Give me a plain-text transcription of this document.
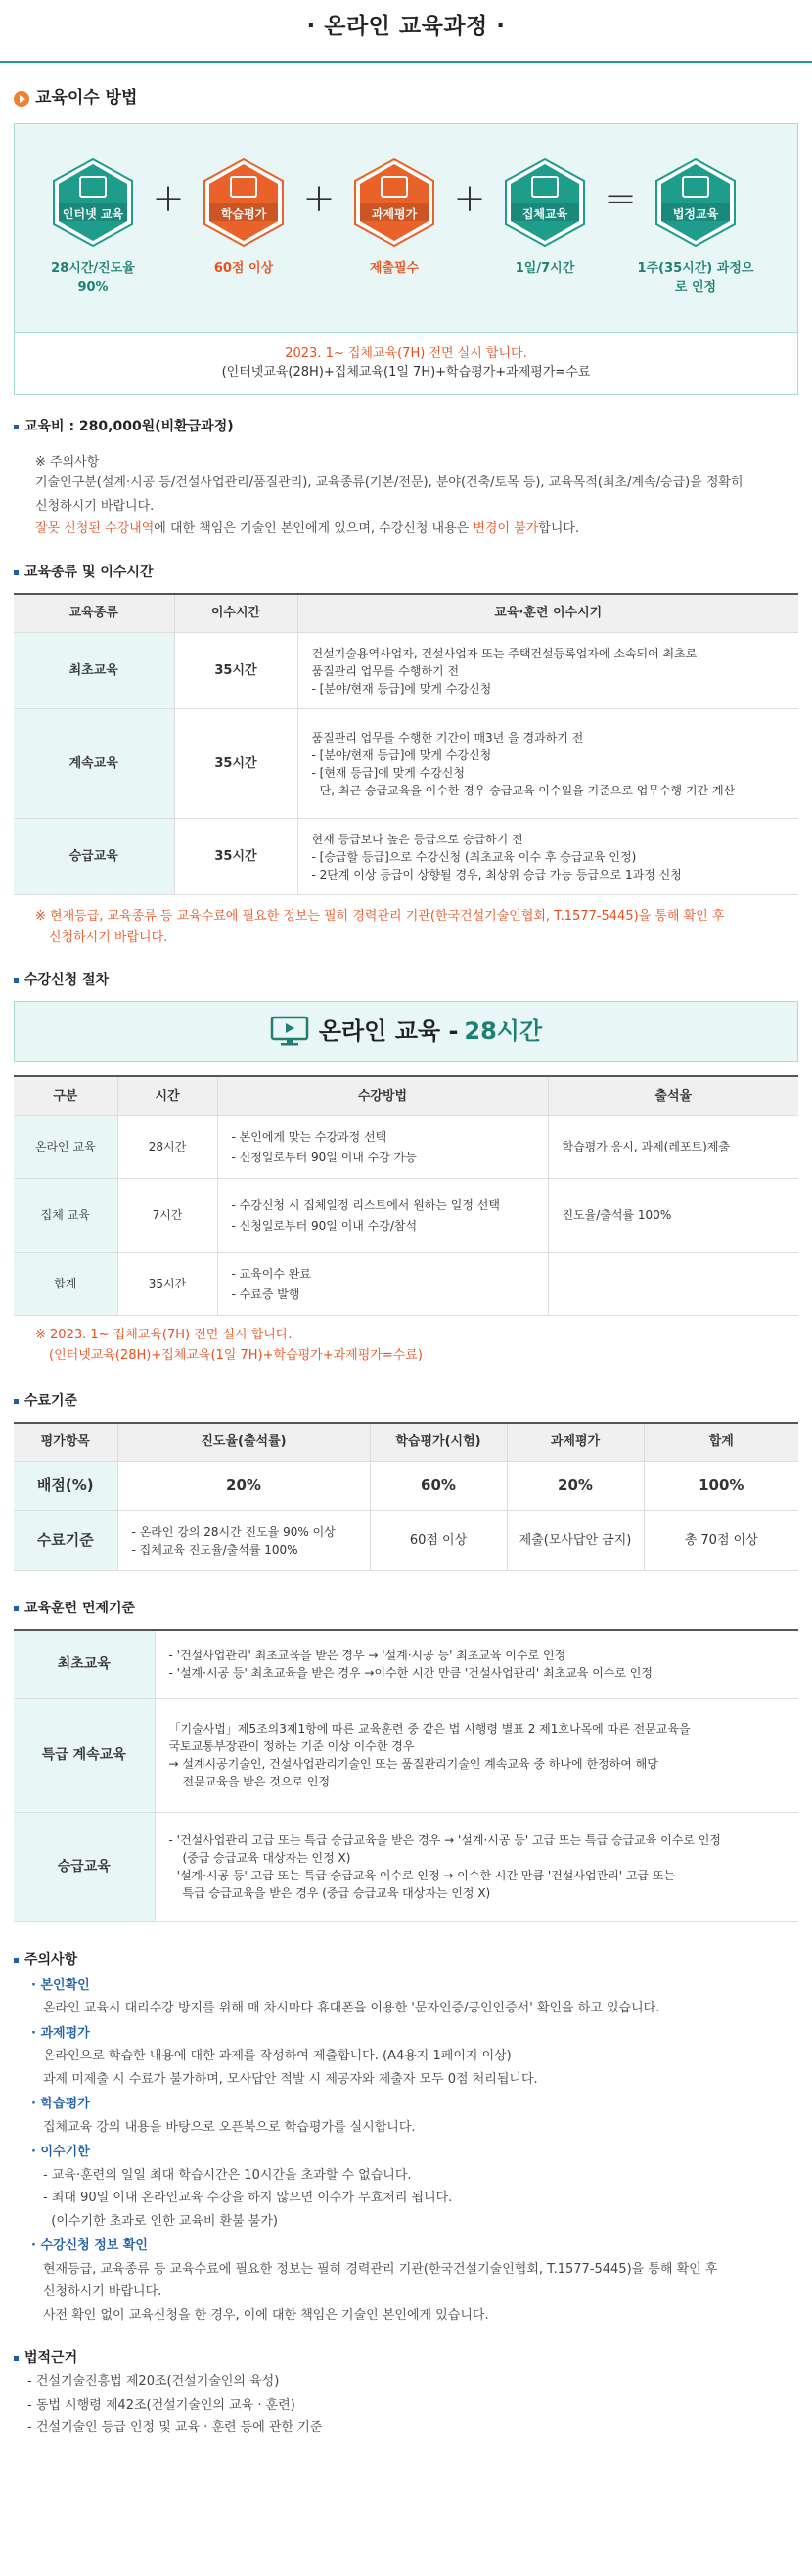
· 온라인 교육과정 ·
교육이수 방법
인터넷 교육
28시간/진도율 90%
+	학습평가
60점 이상
+	과제평가
제출필수
+	집체교육
1일/7시간
=	법정교육
1주(35시간) 과정으로 인정
2023. 1~ 집체교육(7H) 전면 실시 합니다.
(인터넷교육(28H)+집체교육(1일 7H)+학습평가+과제평가=수료
교육비 : 280,000원(비환급과정)
※ 주의사항
기술인구분(설계·시공 등/건설사업관리/품질관리), 교육종류(기본/전문), 분야(건축/토목 등), 교육목적(최초/계속/승급)을 정확히
신청하시기 바랍니다.
잘못 신청된 수강내역에 대한 책임은 기술인 본인에게 있으며, 수강신청 내용은 변경이 불가합니다.
교육종류 및 이수시간
교육종류	이수시간	교육·훈련 이수시기
최초교육	35시간	건설기술용역사업자, 건설사업자 또는 주택건설등록업자에 소속되어 최초로
품질관리 업무를 수행하기 전
- [분야/현재 등급]에 맞게 수강신청

계속교육	35시간	품질관리 업무를 수행한 기간이 매3년 을 경과하기 전
- [분야/현재 등급]에 맞게 수강신청
- [현재 등급]에 맞게 수강신청
- 단, 최근 승급교육을 이수한 경우 승급교육 이수일을 기준으로 업무수행 기간 계산

승급교육	35시간	현재 등급보다 높은 등급으로 승급하기 전
- [승급할 등급]으로 수강신청 (최초교육 이수 후 승급교육 인정)
- 2단계 이상 등급이 상향될 경우, 최상위 승급 가능 등급으로 1과정 신청
※ 현재등급, 교육종류 등 교육수료에 필요한 정보는 필히 경력관리 기관(한국건설기술인협회, T.1577-5445)을 통해 확인 후
신청하시기 바랍니다.
수강신청 절차
온라인 교육 - 28시간
구분	시간	수강방법	출석율
온라인 교육	28시간	- 본인에게 맞는 수강과정 선택
- 신청일로부터 90일 이내 수강 가능	학습평가 응시, 과제(레포트)제출
집체 교육	7시간	- 수강신청 시 집체일정 리스트에서 원하는 일정 선택
- 신청일로부터 90일 이내 수강/참석	진도율/출석률 100%
합계	35시간	- 교육이수 완료
- 수료증 발행	

※ 2023. 1~ 집체교육(7H) 전면 실시 합니다.
(인터넷교육(28H)+집체교육(1일 7H)+학습평가+과제평가=수료)
수료기준
평가항목	진도율(출석률)	학습평가(시험)	과제평가	합계
배점(%)	20%	60%	20%	100%
수료기준	- 온라인 강의 28시간 진도율 90% 이상
- 집체교육 진도율/출석률 100%	60점 이상	제출(모사답안 금지)	총 70점 이상
교육훈련 면제기준
최초교육	- '건설사업관리' 최초교육을 받은 경우 → '설계·시공 등' 최초교육 이수로 인정
- '설계·시공 등' 최초교육을 받은 경우 →이수한 시간 만큼 '건설사업관리' 최초교육 이수로 인정

특급 계속교육	「기술사법」제5조의3제1항에 따른 교육훈련 중 같은 법 시행령 별표 2 제1호나목에 따른 전문교육을
국토교통부장관이 정하는 기준 이상 이수한 경우
→ 설계시공기술인, 건설사업관리기술인 또는 품질관리기술인 계속교육 중 하나에 한정하여 해당
전문교육을 받은 것으로 인정

승급교육	- '건설사업관리 고급 또는 특급 승급교육을 받은 경우 → '설계·시공 등' 고급 또는 특급 승급교육 이수로 인정
(중급 승급교육 대상자는 인정 X)
- '설계·시공 등' 고급 또는 특급 승급교육 이수로 인정 → 이수한 시간 만큼 '건설사업관리' 고급 또는
특급 승급교육을 받은 경우 (중급 승급교육 대상자는 인정 X)
주의사항
· 본인확인
온라인 교육시 대리수강 방지를 위해 매 차시마다 휴대폰을 이용한 '문자인증/공인인증서' 확인을 하고 있습니다.
· 과제평가
온라인으로 학습한 내용에 대한 과제를 작성하여 제출합니다. (A4용지 1페이지 이상)
과제 미제출 시 수료가 불가하며, 모사답안 적발 시 제공자와 제출자 모두 0점 처리됩니다.
· 학습평가
집체교육 강의 내용을 바탕으로 오픈북으로 학습평가를 실시합니다.
· 이수기한
- 교육·훈련의 일일 최대 학습시간은 10시간을 초과할 수 없습니다.
- 최대 90일 이내 온라인교육 수강을 하지 않으면 이수가 무효처리 됩니다.
(이수기한 초과로 인한 교육비 환불 불가)
· 수강신청 정보 확인
현재등급, 교육종류 등 교육수료에 필요한 정보는 필히 경력관리 기관(한국건설기술인협회, T.1577-5445)을 통해 확인 후
신청하시기 바랍니다.
사전 확인 없이 교육신청을 한 경우, 이에 대한 책임은 기술인 본인에게 있습니다.
법적근거
- 건설기술진흥법 제20조(건설기술인의 육성)
- 동법 시행령 제42조(건설기술인의 교육 · 훈련)
- 건설기술인 등급 인정 및 교육 · 훈련 등에 관한 기준
